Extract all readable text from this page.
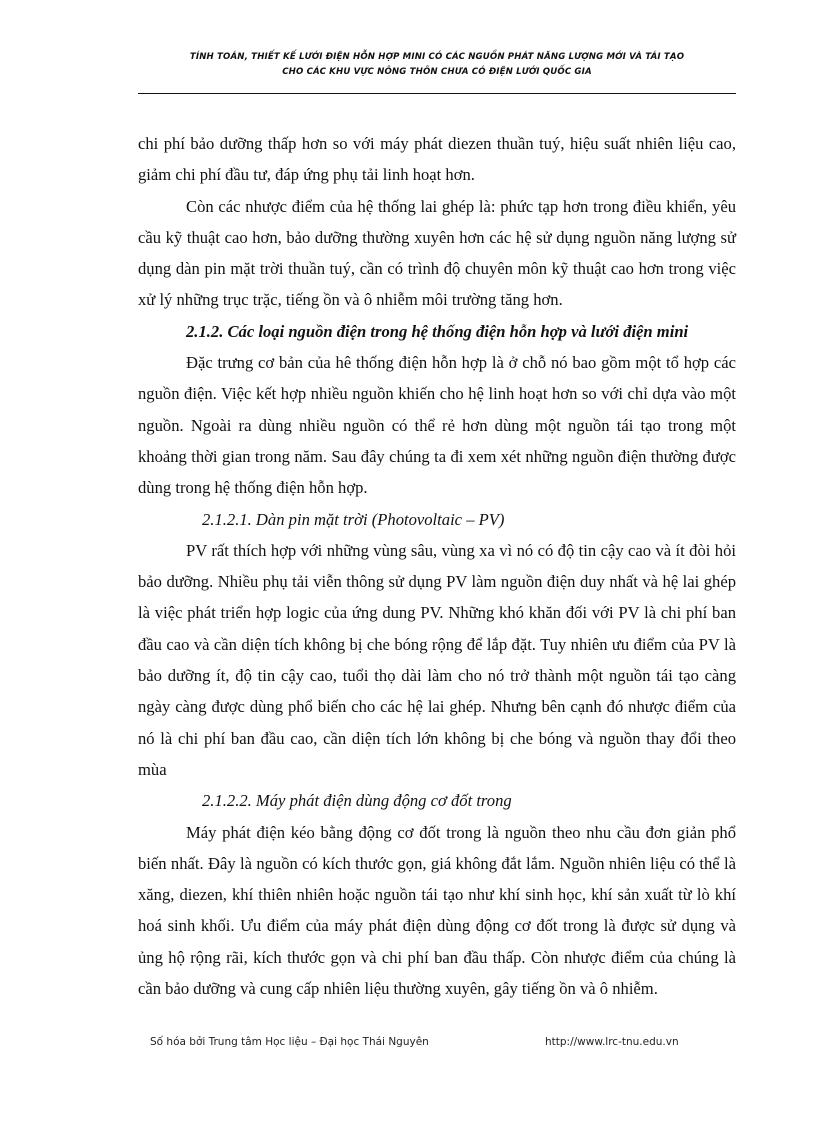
TÍNH TOÁN, THIẾT KẾ LƯỚI ĐIỆN HỖN HỢP MINI CÓ CÁC NGUỒN PHÁT NĂNG LƯỢNG MỚI VÀ TÁI TẠO
CHO CÁC KHU VỰC NÔNG THÔN CHƯA CÓ ĐIỆN LƯỚI QUỐC GIA

chi phí bảo dưỡng thấp hơn so với máy phát diezen thuần tuý, hiệu suất nhiên liệu cao, giảm chi phí đầu tư, đáp ứng phụ tải linh hoạt hơn.

Còn các nhược điểm của hệ thống lai ghép là: phức tạp hơn trong điều khiển, yêu cầu kỹ thuật cao hơn, bảo dưỡng thường xuyên hơn các hệ sử dụng nguồn năng lượng sử dụng dàn pin mặt trời thuần tuý, cần có trình độ chuyên môn kỹ thuật cao hơn trong việc xử lý những trục trặc, tiếng ồn và ô nhiễm môi trường tăng hơn.

2.1.2. Các loại nguồn điện trong hệ thống điện hỗn hợp và lưới điện mini

Đặc trưng cơ bản của hê thống điện hỗn hợp là ở chỗ nó bao gồm một tổ hợp các nguồn điện. Việc kết hợp nhiều nguồn khiến cho hệ linh hoạt hơn so với chỉ dựa vào một nguồn. Ngoài ra dùng nhiều nguồn có thể rẻ hơn dùng một nguồn tái tạo trong một khoảng thời gian trong năm. Sau đây chúng ta đi xem xét những nguồn điện thường được dùng trong hệ thống điện hỗn hợp.

2.1.2.1. Dàn pin mặt trời (Photovoltaic – PV)

PV rất thích hợp với những vùng sâu, vùng xa vì nó có độ tin cậy cao và ít đòi hỏi bảo dưỡng. Nhiều phụ tải viễn thông sử dụng PV làm nguồn điện duy nhất và hệ lai ghép là việc phát triển hợp logic của ứng dung PV. Những khó khăn đối với PV là chi phí ban đầu cao và cần diện tích không bị che bóng rộng để lắp đặt. Tuy nhiên ưu điểm của PV là bảo dưỡng ít, độ tin cậy cao, tuổi thọ dài làm cho nó trở thành một nguồn tái tạo càng ngày càng được dùng phổ biến cho các hệ lai ghép. Nhưng bên cạnh đó nhược điểm của nó là chi phí ban đầu cao, cần diện tích lớn không bị che bóng và nguồn thay đổi theo mùa

2.1.2.2. Máy phát điện dùng động cơ đốt trong

Máy phát điện kéo bằng động cơ đốt trong là nguồn theo nhu cầu đơn giản phổ biến nhất. Đây là nguồn có kích thước gọn, giá không đắt lắm. Nguồn nhiên liệu có thể là xăng, diezen, khí thiên nhiên hoặc nguồn tái tạo như khí sinh học, khí sản xuất từ lò khí hoá sinh khối. Ưu điểm của máy phát điện dùng động cơ đốt trong là được sử dụng và ủng hộ rộng rãi, kích thước gọn và chi phí ban đầu thấp. Còn nhược điểm của chúng là cần bảo dưỡng và cung cấp nhiên liệu thường xuyên, gây tiếng ồn và ô nhiễm.

Số hóa bởi Trung tâm Học liệu – Đại học Thái Nguyên	http://www.lrc-tnu.edu.vn
